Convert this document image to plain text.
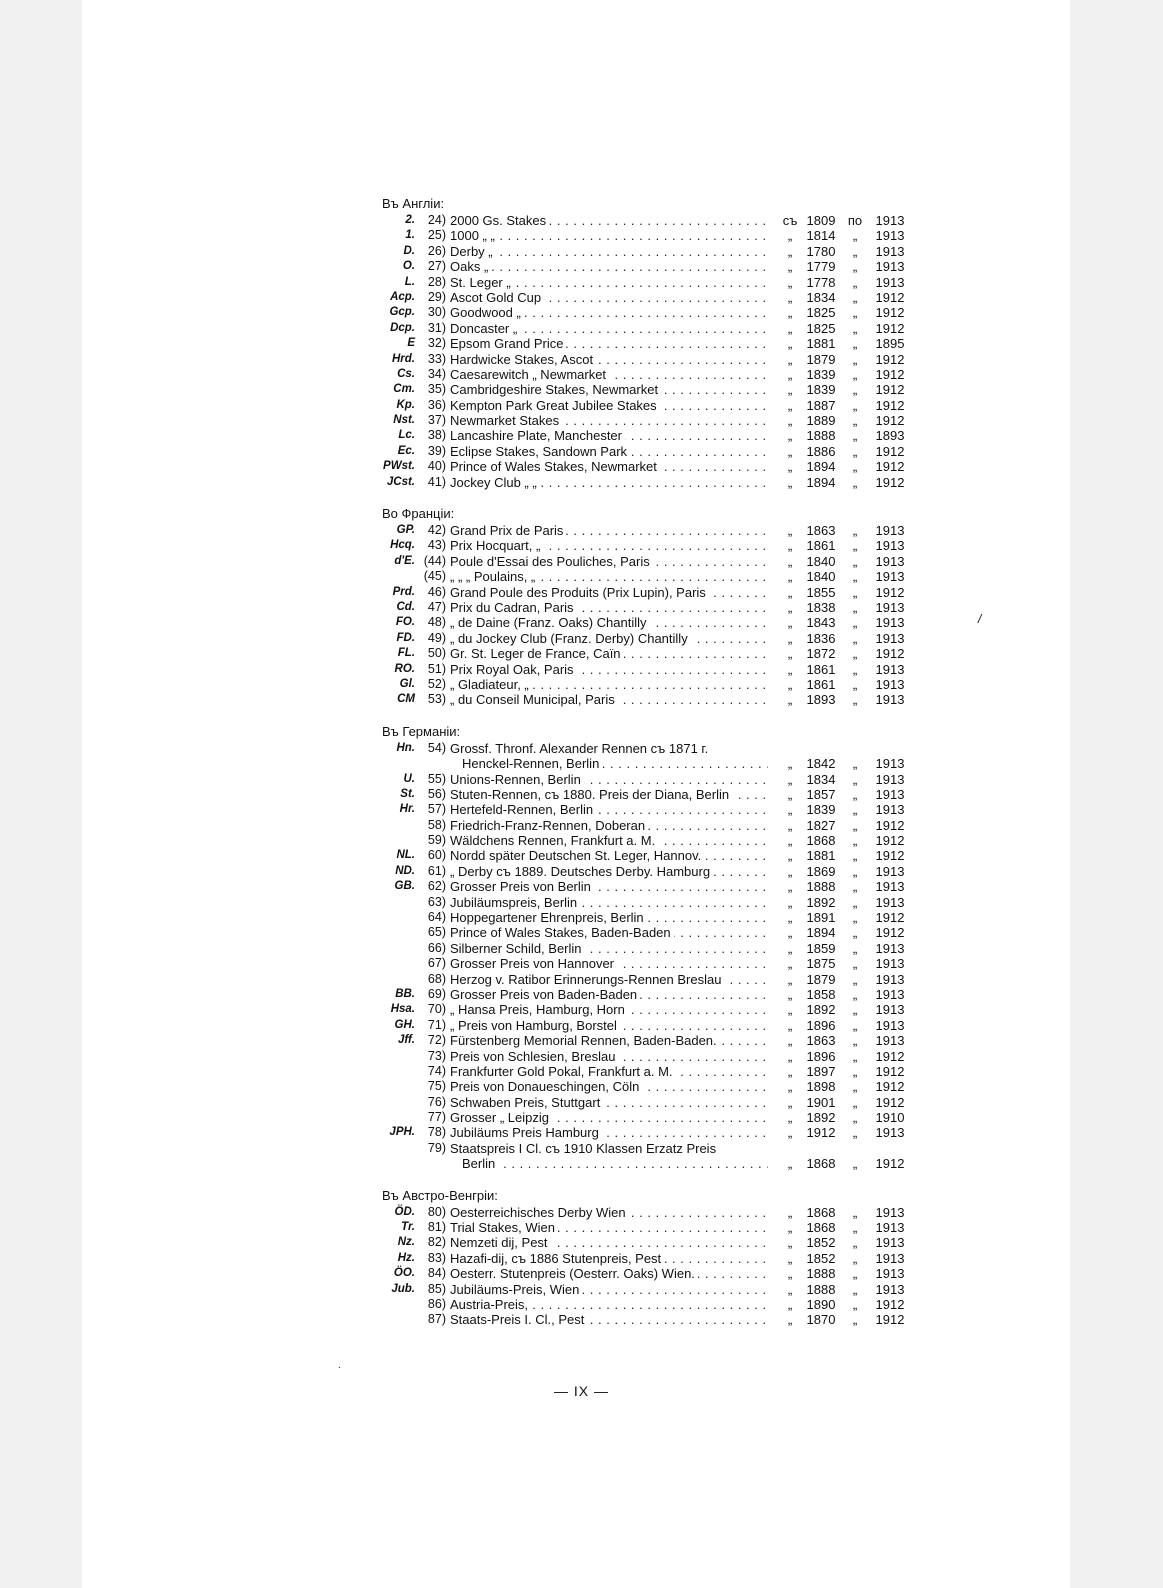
Въ Англіи:
2.	24) 2000 Gs. Stakes . . .	съ 1809 по 1913
1.	25) 1000 „ „ . . .	„	1814	„	1913
D.	26) Derby „ . . .	„	1780	„	1913
O.	27) Oaks „ . . .	„	1779	„	1913
L.	28) St. Leger „ . . .	„	1778	„	1913
Acp.	29) Ascot Gold Cup . . .	„	1834	„	1912
Gcp.	30) Goodwood „ . . .	„	1825	„	1912
Dcp.	31) Doncaster „ . . .	„	1825	„	1912
E	32) Epsom Grand Price . . .	„	1881	„	1895
Hrd.	33) Hardwicke Stakes, Ascot . . .	„	1879	„	1912
Cs.	34) Caesarewitch „ Newmarket . . .	„	1839	„	1912
Cm.	35) Cambridgeshire Stakes, Newmarket . . .	„	1839	„	1912
Kp.	36) Kempton Park Great Jubilee Stakes . . .	„	1887	„	1912
Nst.	37) Newmarket Stakes . . .	„	1889	„	1912
Lc.	38) Lancashire Plate, Manchester . . .	„	1888	„	1893
Ec.	39) Eclipse Stakes, Sandown Park . . .	„	1886	„	1912
PWst.	40) Prince of Wales Stakes, Newmarket . . .	„	1894	„	1912
JCst.	41) Jockey Club „ „ . . .	„	1894	„	1912
Во Франціи:
GP.	42) Grand Prix de Paris . . .	„	1863	„	1913
Hcq.	43) Prix Hocquart, „ . . .	„	1861	„	1913
d'E. (44) Poule d'Essai des Pouliches, Paris . . .	„	1840	„	1913
(45) „ „ „ Poulains, „ . . .	„	1840	„	1913
Prd.	46) Grand Poule des Produits (Prix Lupin), Paris . . .	„	1855	„	1912
Cd.	47) Prix du Cadran, Paris . . .	„	1838	„	1913
FO.	48) „ de Daine (Franz. Oaks) Chantilly . . .	„	1843	„	1913
FD.	49) „ du Jockey Club (Franz. Derby) Chantilly . . .	„	1836	„	1913
FL.	50) Gr. St. Leger de France, Caïn . . .	„	1872	„	1912
RO.	51) Prix Royal Oak, Paris . . .	„	1861	„	1913
Gl.	52) „ Gladiateur, „ . . .	„	1861	„	1913
CM	53) „ du Conseil Municipal, Paris . . .	„	1893	„	1913
Въ Германіи:
Hn.	54) Grossf. Thronf. Alexander Rennen съ 1871 г.
Henckel-Rennen, Berlin . . .	„	1842	„	1913
U.	55) Unions-Rennen, Berlin . . .	„	1834	„	1913
St.	56) Stuten-Rennen, съ 1880. Preis der Diana, Berlin . . .	„	1857	„	1913
Hr.	57) Hertefeld-Rennen, Berlin . . .	„	1839	„	1913
58) Friedrich-Franz-Rennen, Doberan . . .	„	1827	„	1912
59) Wäldchens Rennen, Frankfurt a. M. . . .	„	1868	„	1912
NL.	60) Nordd später Deutschen St. Leger, Hannov. . . .	„	1881	„	1912
ND.	61) „ Derby съ 1889. Deutsches Derby. Hamburg . . .	„	1869	„	1913
GB.	62) Grosser Preis von Berlin . . .	„	1888	„	1913
63) Jubiläumspreis, Berlin . . .	„	1892	„	1913
64) Hoppegartener Ehrenpreis, Berlin . . .	„	1891	„	1912
65) Prince of Wales Stakes, Baden-Baden . . .	„	1894	„	1912
66) Silberner Schild, Berlin . . .	„	1859	„	1913
67) Grosser Preis von Hannover . . .	„	1875	„	1913
68) Herzog v. Ratibor Erinnerungs-Rennen Breslau . . .	„	1879	„	1913
BB.	69) Grosser Preis von Baden-Baden . . .	„	1858	„	1913
Hsa.	70) „ Hansa Preis, Hamburg, Horn . . .	„	1892	„	1913
GH.	71) „ Preis von Hamburg, Borstel . . .	„	1896	„	1913
Jff.	72) Fürstenberg Memorial Rennen, Baden-Baden. . . .	„	1863	„	1913
73) Preis von Schlesien, Breslau . . .	„	1896	„	1912
74) Frankfurter Gold Pokal, Frankfurt a. M. . . .	„	1897	„	1912
75) Preis von Donaueschingen, Cöln . . .	„	1898	„	1912
76) Schwaben Preis, Stuttgart . . .	„	1901	„	1912
77) Grosser „ Leipzig . . .	„	1892	„	1910
JPH.	78) Jubiläums Preis Hamburg . . .	„	1912	„	1913
79) Staatspreis I Cl. съ 1910 Klassen Erzatz Preis
Berlin . . .	„	1868	„	1912
Въ Австро-Венгріи:
ÖD.	80) Oesterreichisches Derby Wien . . .	„	1868	„	1913
Tr.	81) Trial Stakes, Wien . . .	„	1868	„	1913
Nz.	82) Nemzeti dij, Pest . . .	„	1852	„	1913
Hz.	83) Hazafi-dij, съ 1886 Stutenpreis, Pest . . .	„	1852	„	1913
ÖO.	84) Oesterr. Stutenpreis (Oesterr. Oaks) Wien. . . .	„	1888	„	1913
Jub.	85) Jubiläums-Preis, Wien . . .	„	1888	„	1913
86) Austria-Preis, . . .	„	1890	„	1912
87) Staats-Preis I. Cl., Pest . . .	„	1870	„	1912
— IX —
/
.
